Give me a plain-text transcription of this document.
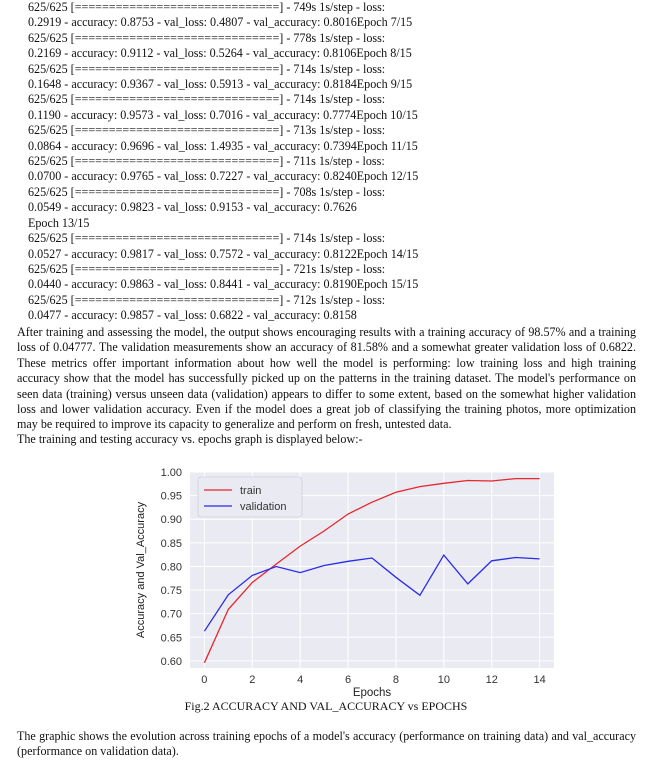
625/625 [==============================] - 749s 1s/step - loss:
0.2919 - accuracy: 0.8753 - val_loss: 0.4807 - val_accuracy: 0.8016Epoch 7/15
625/625 [==============================] - 778s 1s/step - loss:
0.2169 - accuracy: 0.9112 - val_loss: 0.5264 - val_accuracy: 0.8106Epoch 8/15
625/625 [==============================] - 714s 1s/step - loss:
0.1648 - accuracy: 0.9367 - val_loss: 0.5913 - val_accuracy: 0.8184Epoch 9/15
625/625 [==============================] - 714s 1s/step - loss:
0.1190 - accuracy: 0.9573 - val_loss: 0.7016 - val_accuracy: 0.7774Epoch 10/15
625/625 [==============================] - 713s 1s/step - loss:
0.0864 - accuracy: 0.9696 - val_loss: 1.4935 - val_accuracy: 0.7394Epoch 11/15
625/625 [==============================] - 711s 1s/step - loss:
0.0700 - accuracy: 0.9765 - val_loss: 0.7227 - val_accuracy: 0.8240Epoch 12/15
625/625 [==============================] - 708s 1s/step - loss:
0.0549 - accuracy: 0.9823 - val_loss: 0.9153 - val_accuracy: 0.7626
Epoch 13/15
625/625 [==============================] - 714s 1s/step - loss:
0.0527 - accuracy: 0.9817 - val_loss: 0.7572 - val_accuracy: 0.8122Epoch 14/15
625/625 [==============================] - 721s 1s/step - loss:
0.0440 - accuracy: 0.9863 - val_loss: 0.8441 - val_accuracy: 0.8190Epoch 15/15
625/625 [==============================] - 712s 1s/step - loss:
0.0477 - accuracy: 0.9857 - val_loss: 0.6822 - val_accuracy: 0.8158
After training and assessing the model, the output shows encouraging results with a training accuracy of 98.57% and a training loss of 0.04777. The validation measurements show an accuracy of 81.58% and a somewhat greater validation loss of 0.6822. These metrics offer important information about how well the model is performing: low training loss and high training accuracy show that the model has successfully picked up on the patterns in the training dataset. The model's performance on seen data (training) versus unseen data (validation) appears to differ to some extent, based on the somewhat higher validation loss and lower validation accuracy. Even if the model does a great job of classifying the training photos, more optimization may be required to improve its capacity to generalize and perform on fresh, untested data.
The training and testing accuracy vs. epochs graph is displayed below:-
0.60
0.65
0.70
0.75
0.80
0.85
0.90
0.95
1.00
0	2	4	6	8	10	12	14
train
validation
Epochs
Accuracy and Val_Accuracy
Fig.2 ACCURACY AND VAL_ACCURACY vs EPOCHS
The graphic shows the evolution across training epochs of a model's accuracy (performance on training data) and val_accuracy (performance on validation data).
